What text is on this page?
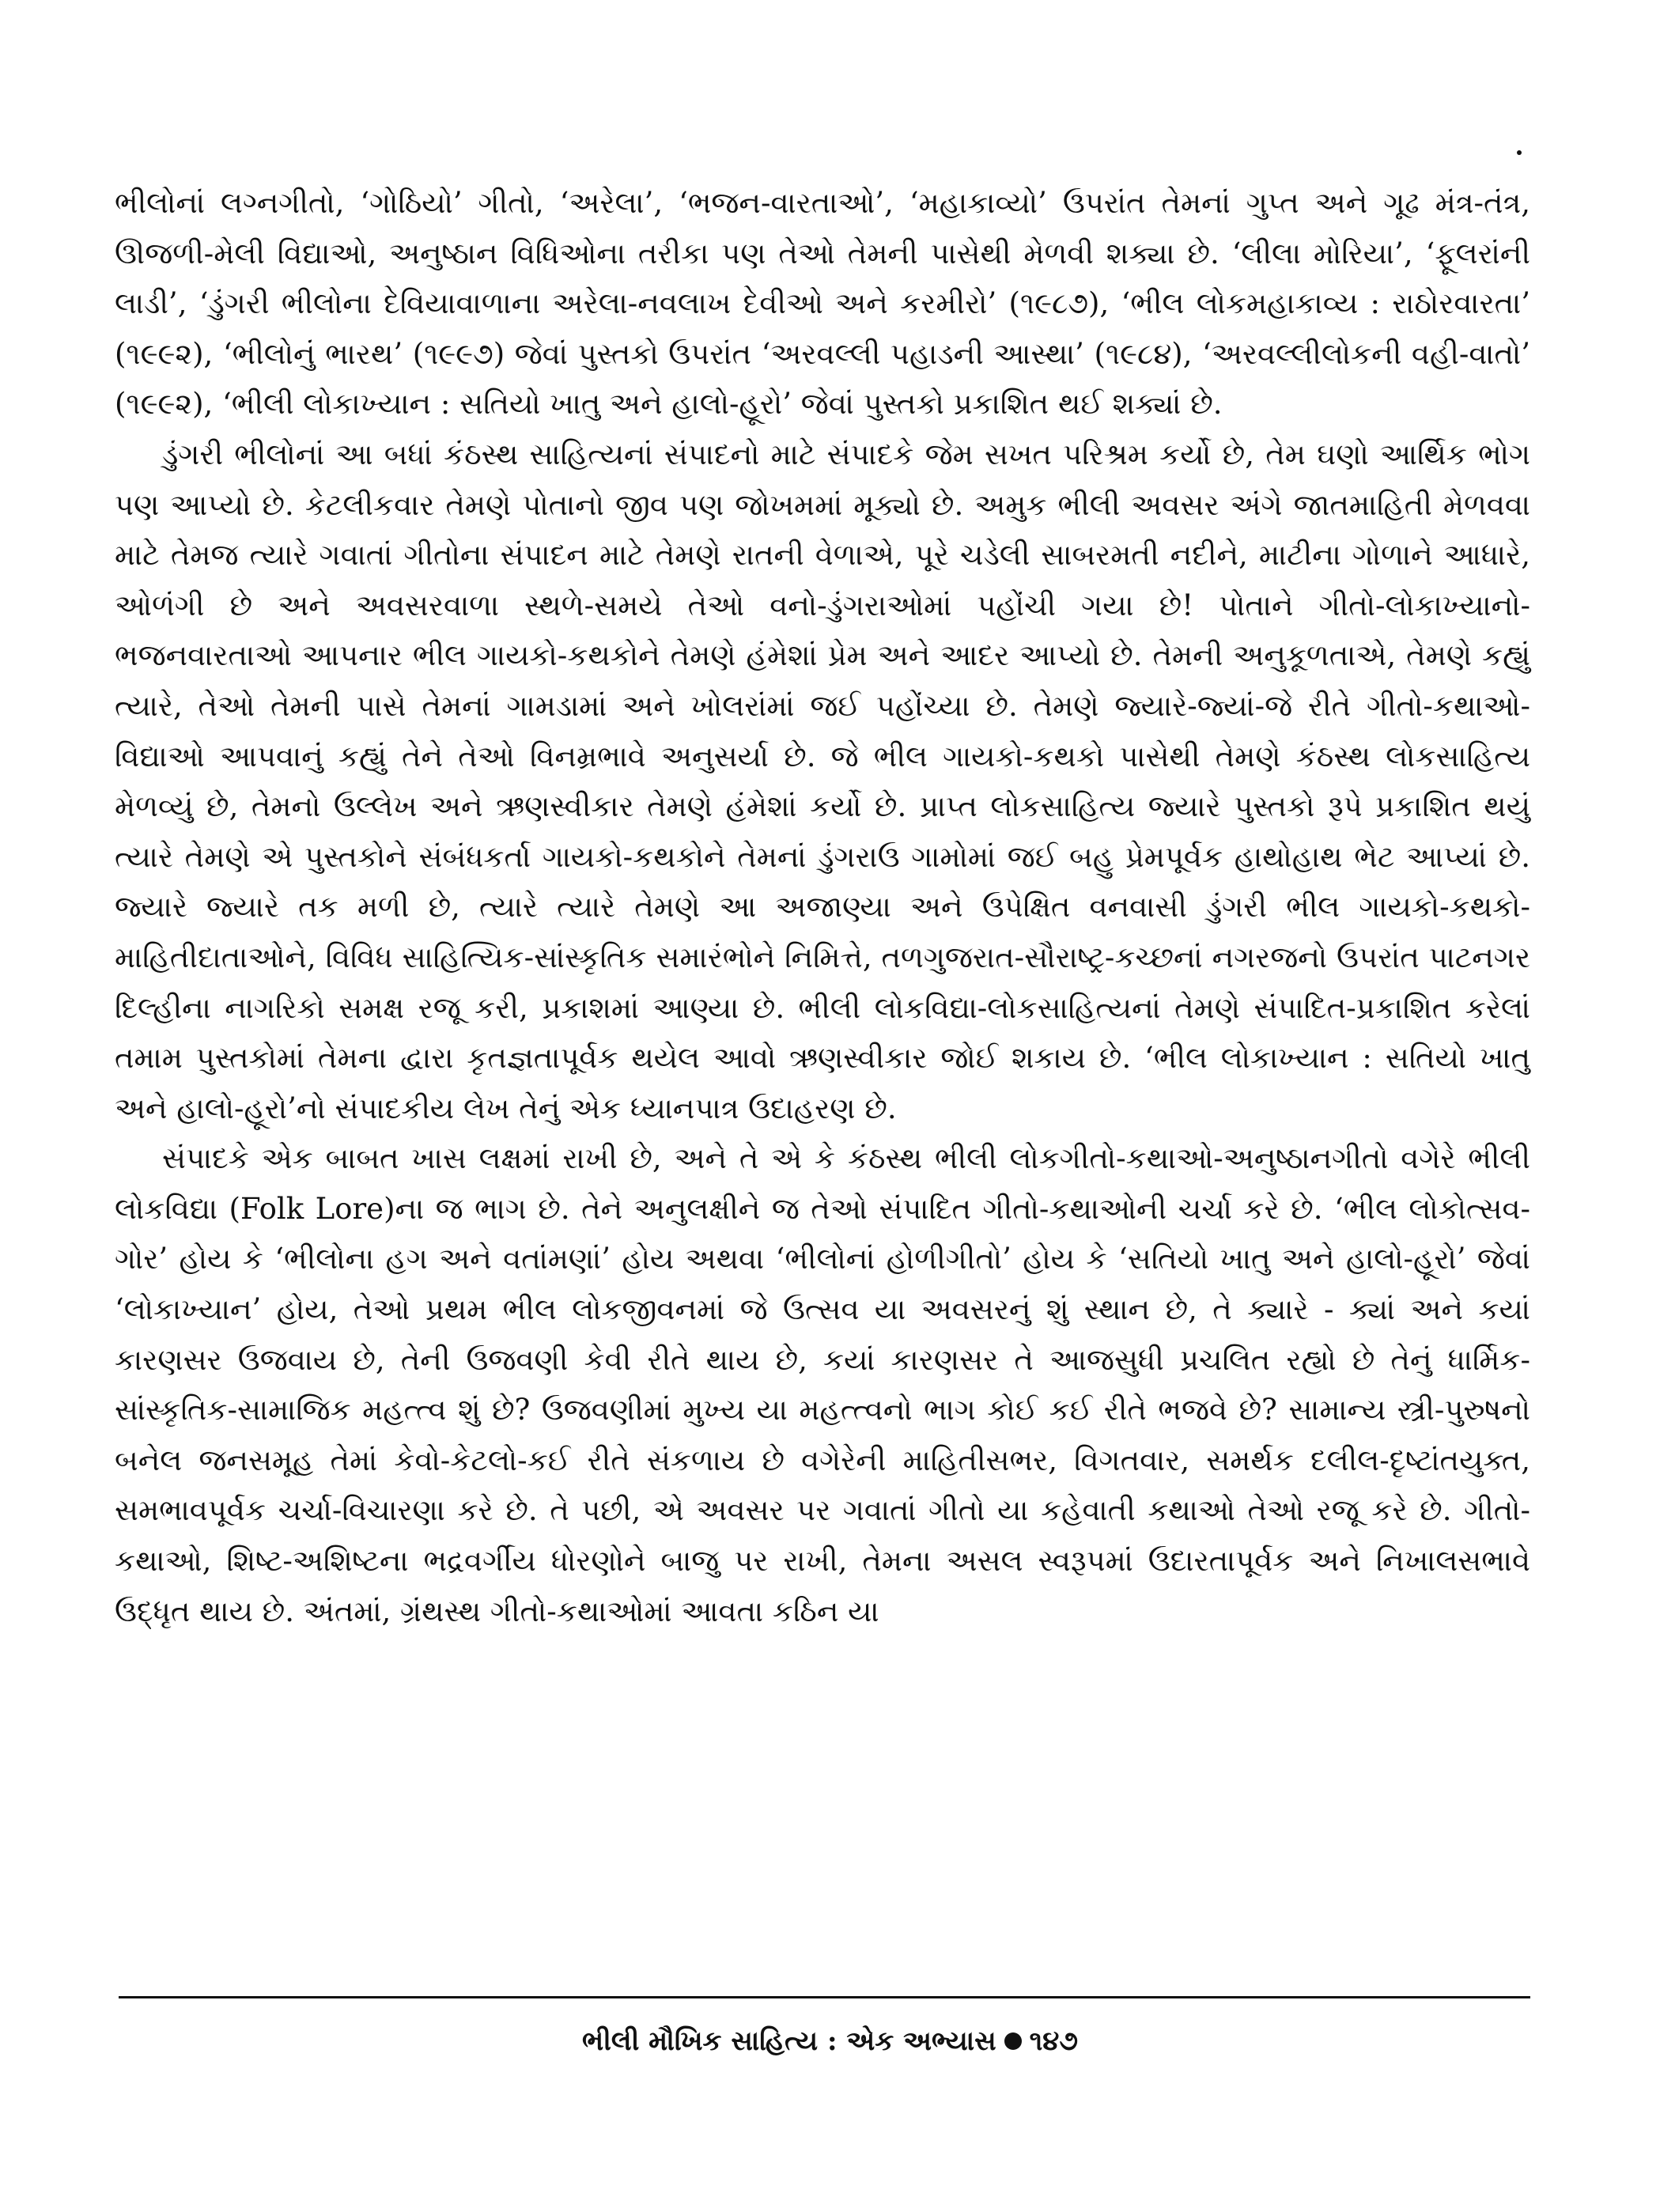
ભીલોનાં લગ્નગીતો, ‘ગોઠિયો’ ગીતો, ‘અરેલા’, ‘ભજન-વારતાઓ’, ‘મહાકાવ્યો’ ઉપરાંત તેમનાં ગુપ્ત અને ગૂઢ મંત્ર-તંત્ર, ઊજળી-મેલી વિદ્યાઓ, અનુષ્ઠાન વિધિઓના તરીકા પણ તેઓ તેમની પાસેથી મેળવી શક્યા છે. ‘લીલા મોરિયા’, ‘ફૂલરાંની લાડી’, ‘ડુંગરી ભીલોના દેવિયાવાળાના અરેલા-નવલાખ દેવીઓ અને કરમીરો’ (૧૯૮૭), ‘ભીલ લોકમહાકાવ્ય : રાઠોરવારતા’ (૧૯૯૨), ‘ભીલોનું ભારથ’ (૧૯૯૭) જેવાં પુસ્તકો ઉપરાંત ‘અરવલ્લી પહાડની આસ્થા’ (૧૯૮૪), ‘અરવલ્લીલોકની વહી-વાતો’ (૧૯૯૨), ‘ભીલી લોકાખ્યાન : સતિયો ખાતુ અને હાલો-હૂરો’ જેવાં પુસ્તકો પ્રકાશિત થઈ શક્યાં છે.

ડુંગરી ભીલોનાં આ બધાં કંઠસ્થ સાહિત્યનાં સંપાદનો માટે સંપાદકે જેમ સખત પરિશ્રમ કર્યો છે, તેમ ઘણો આર્થિક ભોગ પણ આપ્યો છે. કેટલીકવાર તેમણે પોતાનો જીવ પણ જોખમમાં મૂક્યો છે. અમુક ભીલી અવસર અંગે જાતમાહિતી મેળવવા માટે તેમજ ત્યારે ગવાતાં ગીતોના સંપાદન માટે તેમણે રાતની વેળાએ, પૂરે ચડેલી સાબરમતી નદીને, માટીના ગોળાને આધારે, ઓળંગી છે અને અવસરવાળા સ્થળે-સમયે તેઓ વનો-ડુંગરાઓમાં પહોંચી ગયા છે! પોતાને ગીતો-લોકાખ્યાનો-ભજનવારતાઓ આપનાર ભીલ ગાયકો-કથકોને તેમણે હંમેશાં પ્રેમ અને આદર આપ્યો છે. તેમની અનુકૂળતાએ, તેમણે કહ્યું ત્યારે, તેઓ તેમની પાસે તેમનાં ગામડામાં અને ખોલરાંમાં જઈ પહોંચ્યા છે. તેમણે જ્યારે-જ્યાં-જે રીતે ગીતો-કથાઓ-વિદ્યાઓ આપવાનું કહ્યું તેને તેઓ વિનમ્રભાવે અનુસર્યા છે. જે ભીલ ગાયકો-કથકો પાસેથી તેમણે કંઠસ્થ લોકસાહિત્ય મેળવ્યું છે, તેમનો ઉલ્લેખ અને ઋણસ્વીકાર તેમણે હંમેશાં કર્યો છે. પ્રાપ્ત લોકસાહિત્ય જ્યારે પુસ્તકો રૂપે પ્રકાશિત થયું ત્યારે તેમણે એ પુસ્તકોને સંબંધકર્તા ગાયકો-કથકોને તેમનાં ડુંગરાઉ ગામોમાં જઈ બહુ પ્રેમપૂર્વક હાથોહાથ ભેટ આપ્યાં છે. જ્યારે જ્યારે તક મળી છે, ત્યારે ત્યારે તેમણે આ અજાણ્યા અને ઉપેક્ષિત વનવાસી ડુંગરી ભીલ ગાયકો-કથકો-માહિતીદાતાઓને, વિવિધ સાહિત્યિક-સાંસ્કૃતિક સમારંભોને નિમિત્તે, તળગુજરાત-સૌરાષ્ટ્ર-કચ્છનાં નગરજનો ઉપરાંત પાટનગર દિલ્હીના નાગરિકો સમક્ષ રજૂ કરી, પ્રકાશમાં આણ્યા છે. ભીલી લોકવિદ્યા-લોકસાહિત્યનાં તેમણે સંપાદિત-પ્રકાશિત કરેલાં તમામ પુસ્તકોમાં તેમના દ્વારા કૃતજ્ઞતાપૂર્વક થયેલ આવો ઋણસ્વીકાર જોઈ શકાય છે. ‘ભીલ લોકાખ્યાન : સતિયો ખાતુ અને હાલો-હૂરો’નો સંપાદકીય લેખ તેનું એક ધ્યાનપાત્ર ઉદાહરણ છે.

સંપાદકે એક બાબત ખાસ લક્ષમાં રાખી છે, અને તે એ કે કંઠસ્થ ભીલી લોકગીતો-કથાઓ-અનુષ્ઠાનગીતો વગેરે ભીલી લોકવિદ્યા (Folk Lore)ના જ ભાગ છે. તેને અનુલક્ષીને જ તેઓ સંપાદિત ગીતો-કથાઓની ચર્ચા કરે છે. ‘ભીલ લોકોત્સવ-ગોર’ હોય કે ‘ભીલોના હગ અને વતાંમણાં’ હોય અથવા ‘ભીલોનાં હોળીગીતો’ હોય કે ‘સતિયો ખાતુ અને હાલો-હૂરો’ જેવાં ‘લોકાખ્યાન’ હોય, તેઓ પ્રથમ ભીલ લોકજીવનમાં જે ઉત્સવ યા અવસરનું શું સ્થાન છે, તે ક્યારે - ક્યાં અને કયાં કારણસર ઉજવાય છે, તેની ઉજવણી કેવી રીતે થાય છે, કયાં કારણસર તે આજસુધી પ્રચલિત રહ્યો છે તેનું ધાર્મિક-સાંસ્કૃતિક-સામાજિક મહત્ત્વ શું છે? ઉજવણીમાં મુખ્ય યા મહત્ત્વનો ભાગ કોઈ કઈ રીતે ભજવે છે? સામાન્ય સ્ત્રી-પુરુષનો બનેલ જનસમૂહ તેમાં કેવો-કેટલો-કઈ રીતે સંકળાય છે વગેરેની માહિતીસભર, વિગતવાર, સમર્થક દલીલ-દૃષ્ટાંતયુક્ત, સમભાવપૂર્વક ચર્ચા-વિચારણા કરે છે. તે પછી, એ અવસર પર ગવાતાં ગીતો યા કહેવાતી કથાઓ તેઓ રજૂ કરે છે. ગીતો-કથાઓ, શિષ્ટ-અશિષ્ટના ભદ્રવર્ગીય ધોરણોને બાજુ પર રાખી, તેમના અસલ સ્વરૂપમાં ઉદારતાપૂર્વક અને નિખાલસભાવે ઉદ્ધૃત થાય છે. અંતમાં, ગ્રંથસ્થ ગીતો-કથાઓમાં આવતા કઠિન યા

ભીલી મૌખિક સાહિત્ય : એક અભ્યાસ ૧૪૭
